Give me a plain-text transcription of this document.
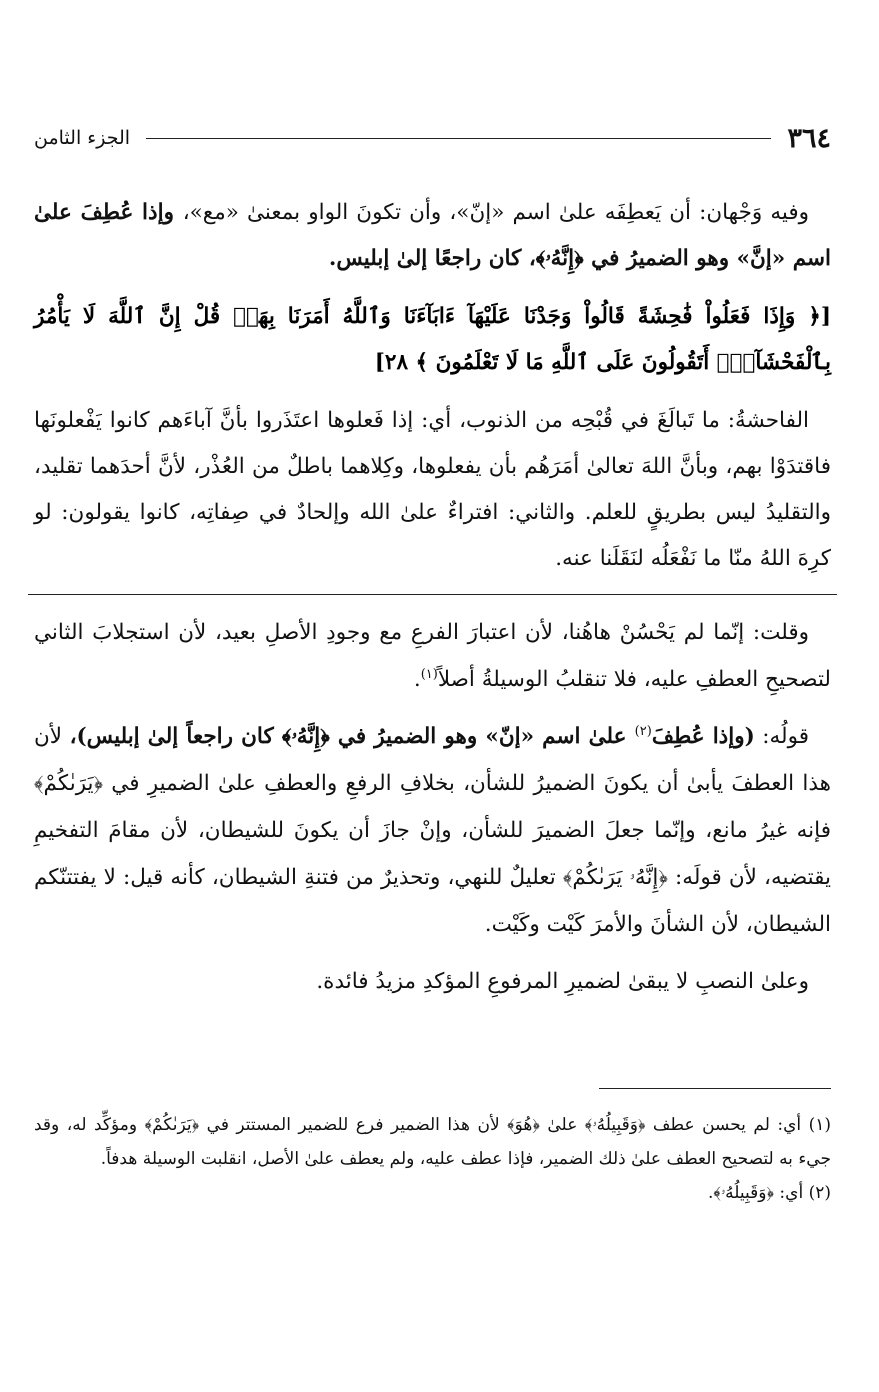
٣٦٤
الجزء الثامن

وفيه وَجْهان: أن يَعطِفَه علىٰ اسم «إنّ»، وأن تكونَ الواو بمعنىٰ «مع»، وإذا عُطِفَ علىٰ اسم «إنَّ» وهو الضميرُ في ﴿إِنَّهُۥ﴾، كان راجعًا إلىٰ إبليس.

[﴿ وَإِذَا فَعَلُواْ فَٰحِشَةً قَالُواْ وَجَدْنَا عَلَيْهَآ ءَابَآءَنَا وَٱللَّهُ أَمَرَنَا بِهَاۗ قُلْ إِنَّ ٱللَّهَ لَا يَأْمُرُ بِٱلْفَحْشَآءِۖ أَتَقُولُونَ عَلَى ٱللَّهِ مَا لَا تَعْلَمُونَ ﴾ ٢٨]

الفاحشةُ: ما تَبالَغَ في قُبْحِه من الذنوب، أي: إذا فَعلوها اعتَذَروا بأنَّ آباءَهم كانوا يَفْعلونَها فاقتدَوْا بهم، وبأنَّ اللهَ تعالىٰ أمَرَهُم بأن يفعلوها، وكِلاهما باطلٌ من العُذْر، لأنَّ أحدَهما تقليد، والتقليدُ ليس بطريقٍ للعلم. والثاني: افتراءٌ علىٰ الله وإلحادٌ في صِفاتِه، كانوا يقولون: لو كرِهَ اللهُ منّا ما نَفْعَلُه لنَقَلَنا عنه.

وقلت: إنّما لم يَحْسُنْ هاهُنا، لأن اعتبارَ الفرعِ مع وجودِ الأصلِ بعيد، لأن استجلابَ الثاني لتصحيحِ العطفِ عليه، فلا تنقلبُ الوسيلةُ أصلاً$^{(١)}$.

قولُه: (وإذا عُطِفَ$^{(٢)}$ علىٰ اسم «إنّ» وهو الضميرُ في ﴿إِنَّهُۥ﴾ كان راجعاً إلىٰ إبليس)، لأن هذا العطفَ يأبىٰ أن يكونَ الضميرُ للشأن، بخلافِ الرفعِ والعطفِ علىٰ الضميرِ في ﴿يَرَىٰكُمْ﴾ فإنه غيرُ مانع، وإنّما جعلَ الضميرَ للشأن، وإنْ جازَ أن يكونَ للشيطان، لأن مقامَ التفخيمِ يقتضيه، لأن قولَه: ﴿إِنَّهُۥ يَرَىٰكُمْ﴾ تعليلٌ للنهي، وتحذيرٌ من فتنةِ الشيطان، كأنه قيل: لا يفتتنّكم الشيطان، لأن الشأنَ والأمرَ كَيْت وكَيْت.

وعلىٰ النصبِ لا يبقىٰ لضميرِ المرفوعِ المؤكدِ مزيدُ فائدة.

(١) أي: لم يحسن عطف ﴿وَقَبِيلُهُۥ﴾ علىٰ ﴿هُوَ﴾ لأن هذا الضمير فرع للضمير المستتر في ﴿يَرَىٰكُمْ﴾ ومؤكِّد له، وقد جيء به لتصحيح العطف علىٰ ذلك الضمير، فإذا عطف عليه، ولم يعطف علىٰ الأصل، انقلبت الوسيلة هدفاً.

(٢) أي: ﴿وَقَبِيلُهُۥ﴾.
